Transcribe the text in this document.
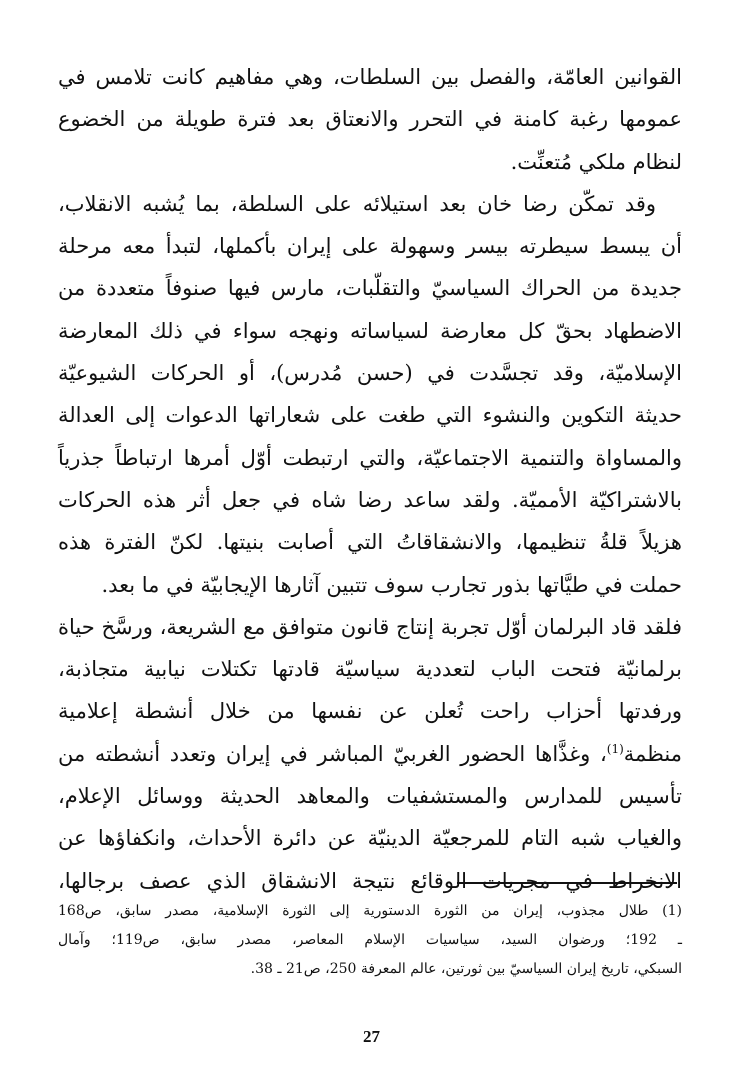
القوانين العامّة، والفصل بين السلطات، وهي مفاهيم كانت تلامس في
عمومها رغبة كامنة في التحرر والانعتاق بعد فترة طويلة من الخضوع
لنظام ملكي مُتعنِّت.
وقد تمكّن رضا خان بعد استيلائه على السلطة، بما يُشبه الانقلاب،
أن يبسط سيطرته بيسر وسهولة على إيران بأكملها، لتبدأ معه مرحلة
جديدة من الحراك السياسيّ والتقلّبات، مارس فيها صنوفاً متعددة من
الاضطهاد بحقّ كل معارضة لسياساته ونهجه سواء في ذلك المعارضة
الإسلاميّة، وقد تجسَّدت في (حسن مُدرس)، أو الحركات الشيوعيّة
حديثة التكوين والنشوء التي طغت على شعاراتها الدعوات إلى العدالة
والمساواة والتنمية الاجتماعيّة، والتي ارتبطت أوّل أمرها ارتباطاً جذرياً
بالاشتراكيّة الأمميّة. ولقد ساعد رضا شاه في جعل أثر هذه الحركات
هزيلاً قلةُ تنظيمها، والانشقاقاتُ التي أصابت بنيتها. لكنّ الفترة هذه
حملت في طيَّاتها بذور تجارب سوف تتبين آثارها الإيجابيّة في ما بعد.
فلقد قاد البرلمان أوّل تجربة إنتاج قانون متوافق مع الشريعة، ورسَّخ حياة
برلمانيّة فتحت الباب لتعددية سياسيّة قادتها تكتلات نيابية متجاذبة،
ورفدتها أحزاب راحت تُعلن عن نفسها من خلال أنشطة إعلامية
منظمة$^{(1)}$، وغذَّاها الحضور الغربيّ المباشر في إيران وتعدد أنشطته من
تأسيس للمدارس والمستشفيات والمعاهد الحديثة ووسائل الإعلام،
والغياب شبه التام للمرجعيّة الدينيّة عن دائرة الأحداث، وانكفاؤها عن
الانخراط في مجريات الوقائع نتيجة الانشقاق الذي عصف برجالها،
(1) طلال مجذوب، إيران من الثورة الدستورية إلى الثورة الإسلامية، مصدر سابق، ص168
ـ 192؛ ورضوان السيد، سياسيات الإسلام المعاصر، مصدر سابق، ص119؛ وآمال
السبكي، تاريخ إيران السياسيّ بين ثورتين، عالم المعرفة 250، ص21 ـ 38.
27
